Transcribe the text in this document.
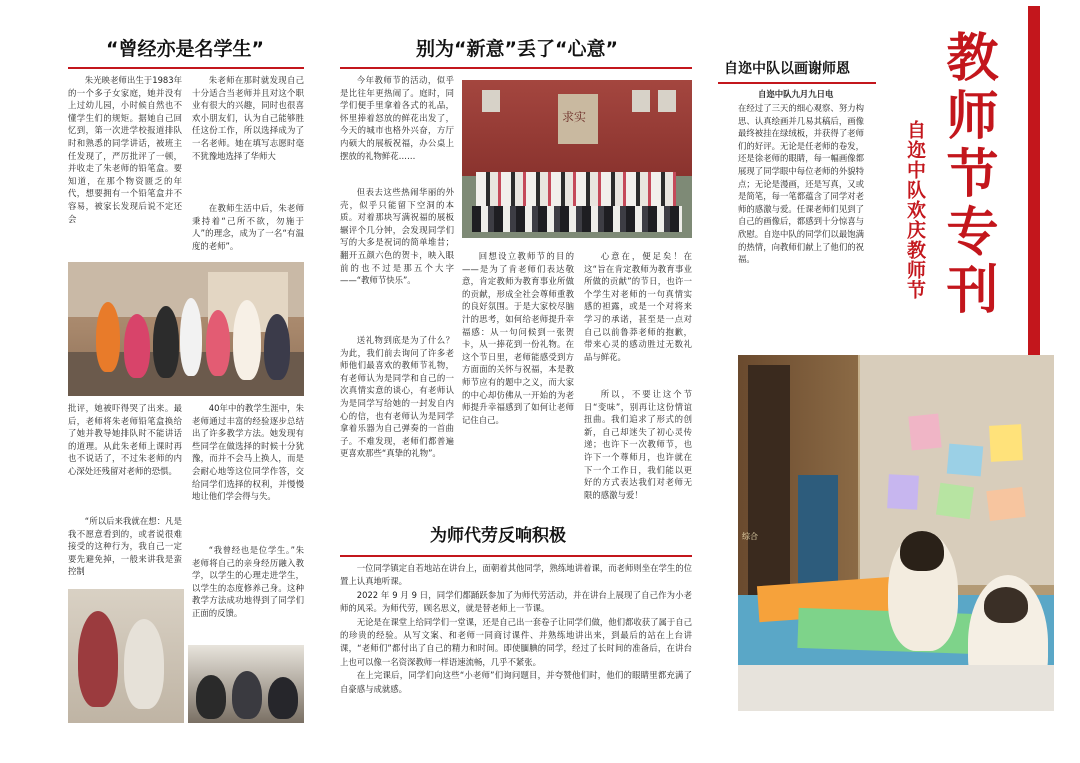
“曾经亦是名学生”

朱光映老师出生于1983年的一个多子女家庭，她并没有上过幼儿园，小时候自然也不懂学生们的规矩。据她自己回忆到，第一次进学校报道排队时和熟悉的同学讲话，被班主任发现了，严厉批评了一顿，并收走了朱老师的铅笔盒。要知道，在那个物资匮乏的年代，想要拥有一个铅笔盒并不容易，被家长发现后说不定还会

朱老师在那时就发现自己十分适合当老师并且对这个职业有很大的兴趣，同时也很喜欢小朋友们，认为自己能够胜任这份工作，所以选择成为了一名老师。她在填写志愿时毫不犹豫地选择了华师大

在教师生活中后，朱老师秉持着“己所不欲，勿施于人”的理念，成为了一名“有温度的老师”。

批评，她被吓得哭了出来。最后，老师将朱老师铅笔盒换给了她并教导她排队时不能讲话的道理。从此朱老师上课时再也不说话了，不过朱老师的内心深处还残留对老师的恐惧。

“所以后来我就在想：凡是我不愿意看到的，或者说很难接受的这种行为，我自己一定要先避免掉，一般来讲我是蛮控制

40年中的教学生涯中，朱老师通过丰富的经验逐步总结出了许多教学方法。她发现有些同学在做选择的时候十分犹豫，而并不会马上换人，而是会耐心地等这位同学作答，交给同学们选择的权利，并慢慢地让他们学会得与失。

“我曾经也是位学生。”朱老师将自己的亲身经历融入教学，以学生的心理走进学生，以学生的态度修养己身。这种教学方法成功地得到了同学们正面的反馈。

别为“新意”丢了“心意”

今年教师节的活动，似乎是比往年更热闹了。庭时，同学们便手里拿着各式的礼品，怀里捧着怒放的鲜花出发了，今天的城市也格外兴奋，方厅内硕大的展板祝福，办公桌上摆放的礼物鲜花……

但表去这些热闹华丽的外壳，似乎只能留下空洞的本质。对着那块写满祝福的展板辗评个几分钟，会发现同学们写的大多是祝词的简单堆昔；翻开五颜六色的贺卡，映入眼前的也不过是那五个大字——“教师节快乐”。

送礼物到底是为了什么？为此，我们前去询问了许多老师他们最喜欢的教师节礼物，有老师认为是同学和自己的一次真情实意的谈心，有老师认为是同学写给她的一封发自内心的信，也有老师认为是同学拿着乐器为自己弹奏的一首曲子。不难发现，老师们都普遍更喜欢那些“真挚的礼物”。

求实

回想设立教师节的目的——是为了肯老师们表达敬意，肯定教师为教育事业所做的贡献，形成全社会尊师重教的良好氛围。于是大家校尽脑汁的思考，如何给老师提升幸福感：从一句问候到一张贺卡，从一捧花到一份礼物。在这个节日里，老师能感受到方方面面的关怀与祝福，本是教师节应有的题中之义，而大家的中心却仿佛从一开始的为老师提升幸福感到了如何让老师记住自己。

心意在，便足矣！在这“旨在肯定教师为教育事业所做的贡献”的节日，也许一个学生对老师的一句真情实感的袒露，或是一个对将来学习的承诺，甚至是一点对自己以前鲁莽老师的抱歉，带来心灵的感动胜过无数礼品与鲜花。

所以，不要让这个节日“变味”，别再让这份情谊扭曲。我们追求了形式的创新，自己却迷失了初心灵传递；也许下一次教师节，也许下一个尊师月，也许就在下一个工作日，我们能以更好的方式表达我们对老师无限的感激与爱！

为师代劳反响积极

一位同学镇定自若地站在讲台上，面朝着其他同学，熟练地讲着课，而老师则坐在学生的位置上认真地听课。

2022 年 9 月 9 日，同学们都踊跃参加了为师代劳活动，并在讲台上展现了自己作为小老师的风采。为师代劳，顾名思义，就是替老师上一节课。

无论是在课堂上给同学们一堂课，还是自己出一套卷子让同学们做，他们都收获了属于自己的珍贵的经验。从写文案、和老师一同商讨课件、并熟练地讲出来，到最后的站在上台讲课，“老师们”都付出了自己的精力和时间。即使腼腆的同学，经过了长时间的准备后，在讲台上也可以像一名资深教师一样语速流畅，几乎不紧张。

在上完课后，同学们向这些“小老师”们询问题目，并夸赞他们时，他们的眼睛里都充满了自豪感与成就感。

自迩中队以画谢师恩
自迩中队九月九日电

在经过了三天的细心观察、努力构思、认真绘画并几易其稿后，画像最终被挂在绿绒板，并获得了老师们的好评。无论是任老师的卷发，还是徐老师的眼睛，每一幅画像都展现了同学眼中每位老师的外貌特点；无论是漫画，还是写真，又或是简笔，每一笔都蕴含了同学对老师的感激与爱。任课老师们见到了自己的画像后，都感到十分惊喜与欣慰。自迩中队的同学们以最饱满的热情，向教师们献上了他们的祝福。	教师节专刊
自迩中队欢庆教师节
综合
